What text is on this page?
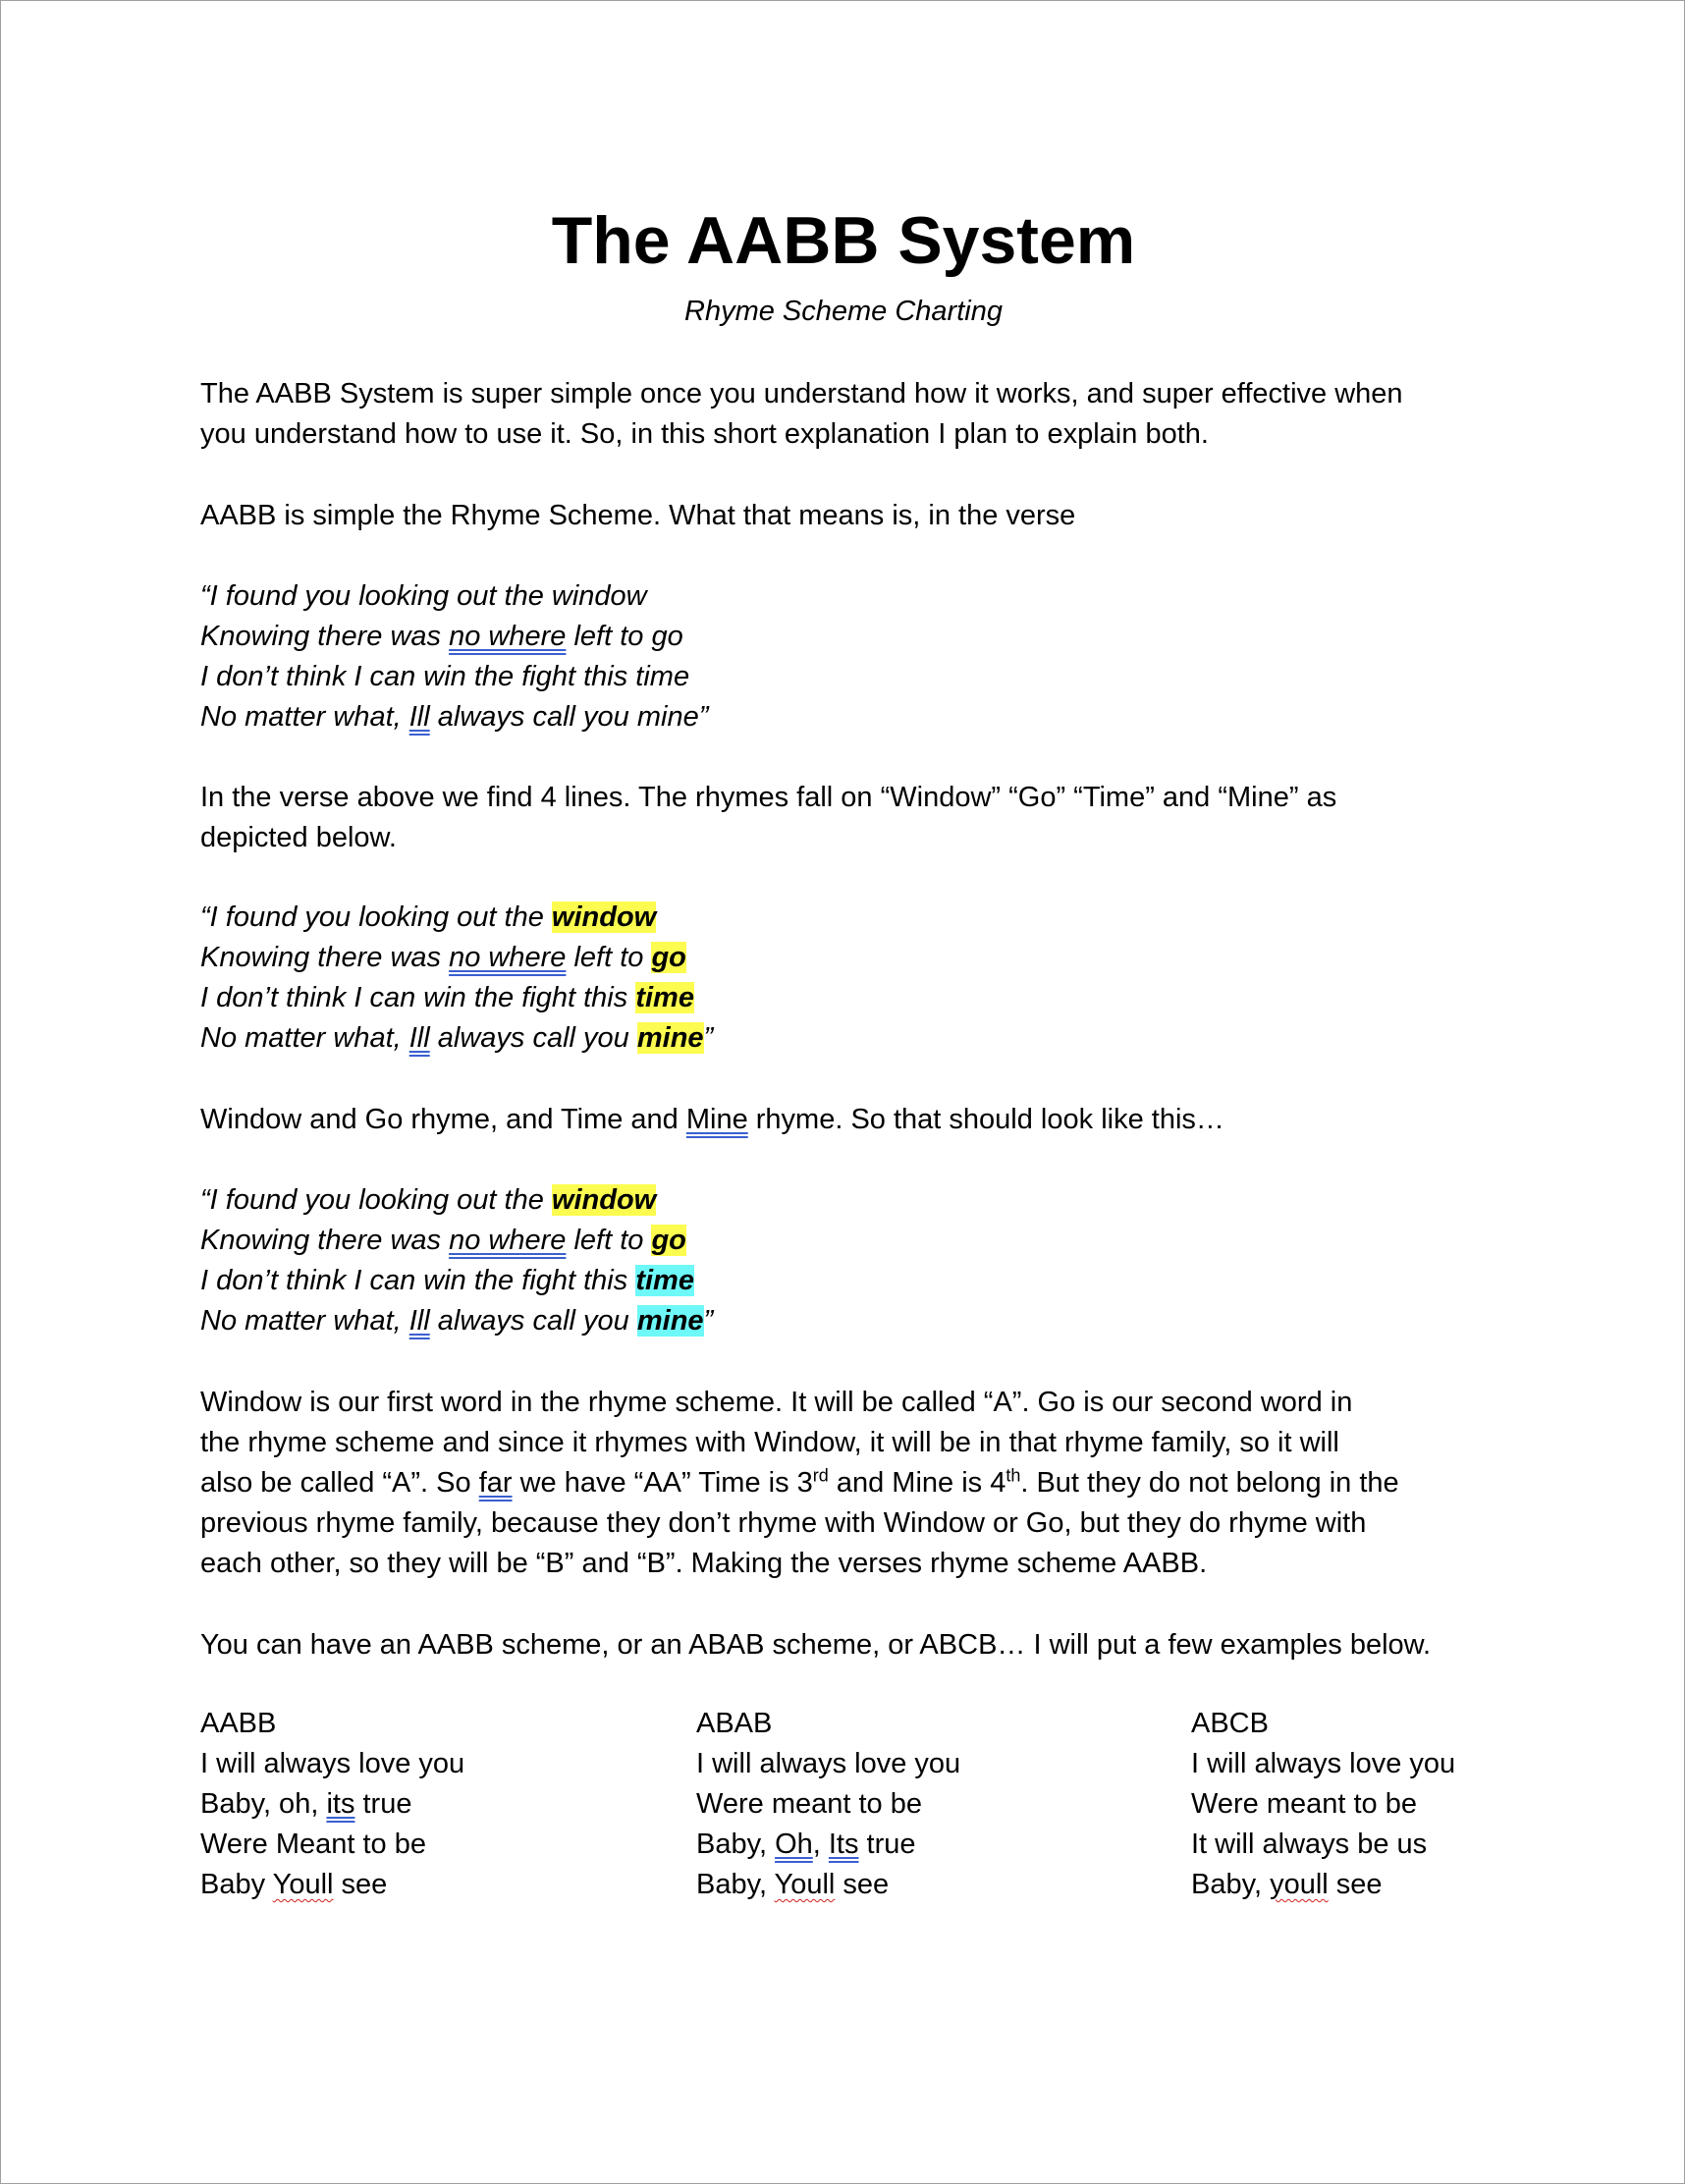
The AABB System
Rhyme Scheme Charting
The AABB System is super simple once you understand how it works, and super effective when
you understand how to use it. So, in this short explanation I plan to explain both.
AABB is simple the Rhyme Scheme. What that means is, in the verse
“I found you looking out the window
Knowing there was no where left to go
I don’t think I can win the fight this time
No matter what, Ill always call you mine”
In the verse above we find 4 lines. The rhymes fall on “Window” “Go” “Time” and “Mine” as
depicted below.
“I found you looking out the window
Knowing there was no where left to go
I don’t think I can win the fight this time
No matter what, Ill always call you mine”
Window and Go rhyme, and Time and Mine rhyme. So that should look like this…
“I found you looking out the window
Knowing there was no where left to go
I don’t think I can win the fight this time
No matter what, Ill always call you mine”
Window is our first word in the rhyme scheme. It will be called “A”. Go is our second word in
the rhyme scheme and since it rhymes with Window, it will be in that rhyme family, so it will
also be called “A”. So far we have “AA” Time is 3rd and Mine is 4th. But they do not belong in the
previous rhyme family, because they don’t rhyme with Window or Go, but they do rhyme with
each other, so they will be “B” and “B”. Making the verses rhyme scheme AABB.
You can have an AABB scheme, or an ABAB scheme, or ABCB… I will put a few examples below.
AABB
I will always love you
Baby, oh, its true
Were Meant to be
Baby Youll see
ABAB
I will always love you
Were meant to be
Baby, Oh, Its true
Baby, Youll see
ABCB
I will always love you
Were meant to be
It will always be us
Baby, youll see
